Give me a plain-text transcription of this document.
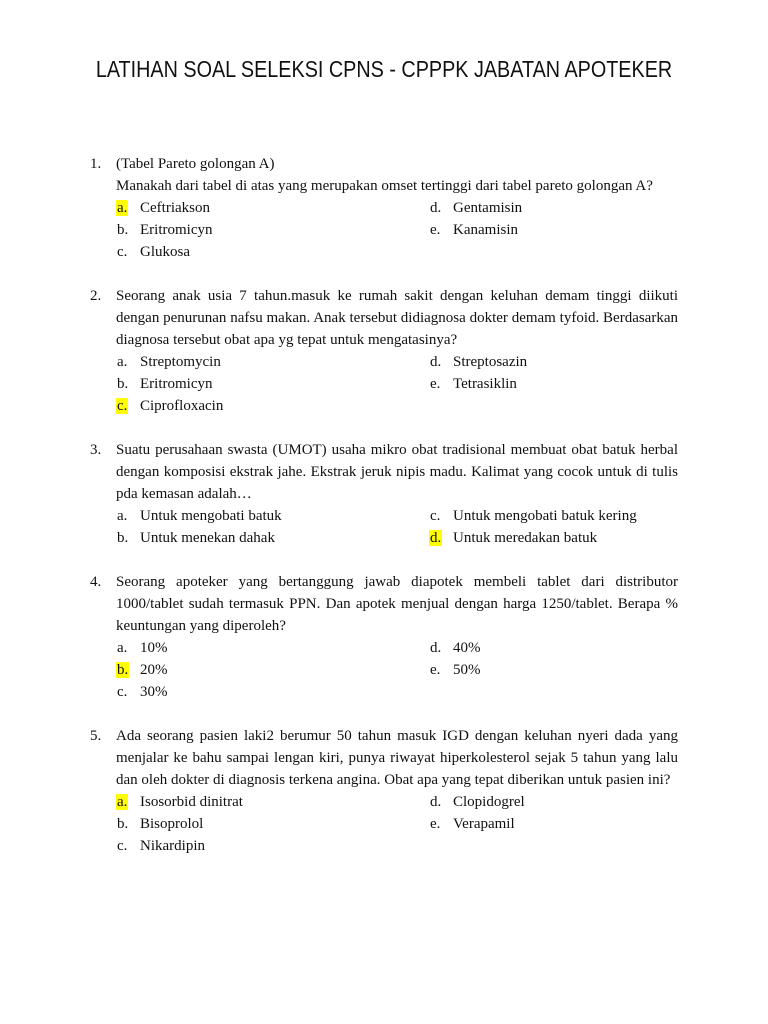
LATIHAN SOAL SELEKSI CPNS - CPPPK JABATAN APOTEKER
1. (Tabel Pareto golongan A)
Manakah dari tabel di atas yang merupakan omset tertinggi dari tabel pareto golongan A?
a. Ceftriakson	d. Gentamisin
b. Eritromicyn	e. Kanamisin
c. Glukosa
2. Seorang anak usia 7 tahun.masuk ke rumah sakit dengan keluhan demam tinggi diikuti dengan penurunan nafsu makan. Anak tersebut didiagnosa dokter demam tyfoid. Berdasarkan diagnosa tersebut obat apa yg tepat untuk mengatasinya?
a. Streptomycin	d. Streptosazin
b. Eritromicyn	e. Tetrasiklin
c. Ciprofloxacin
3. Suatu perusahaan swasta (UMOT) usaha mikro obat tradisional membuat obat batuk herbal dengan komposisi ekstrak jahe. Ekstrak jeruk nipis madu. Kalimat yang cocok untuk di tulis pda kemasan adalah…
a. Untuk mengobati batuk	c. Untuk mengobati batuk kering
b. Untuk menekan dahak	d. Untuk meredakan batuk
4. Seorang apoteker yang bertanggung jawab diapotek membeli tablet dari distributor 1000/tablet sudah termasuk PPN. Dan apotek menjual dengan harga 1250/tablet. Berapa % keuntungan yang diperoleh?
a. 10%	d. 40%
b. 20%	e. 50%
c. 30%
5. Ada seorang pasien laki2 berumur 50 tahun masuk IGD dengan keluhan nyeri dada yang menjalar ke bahu sampai lengan kiri, punya riwayat hiperkolesterol sejak 5 tahun yang lalu dan oleh dokter di diagnosis terkena angina. Obat apa yang tepat diberikan untuk pasien ini?
a. Isosorbid dinitrat	d. Clopidogrel
b. Bisoprolol	e. Verapamil
c. Nikardipin
